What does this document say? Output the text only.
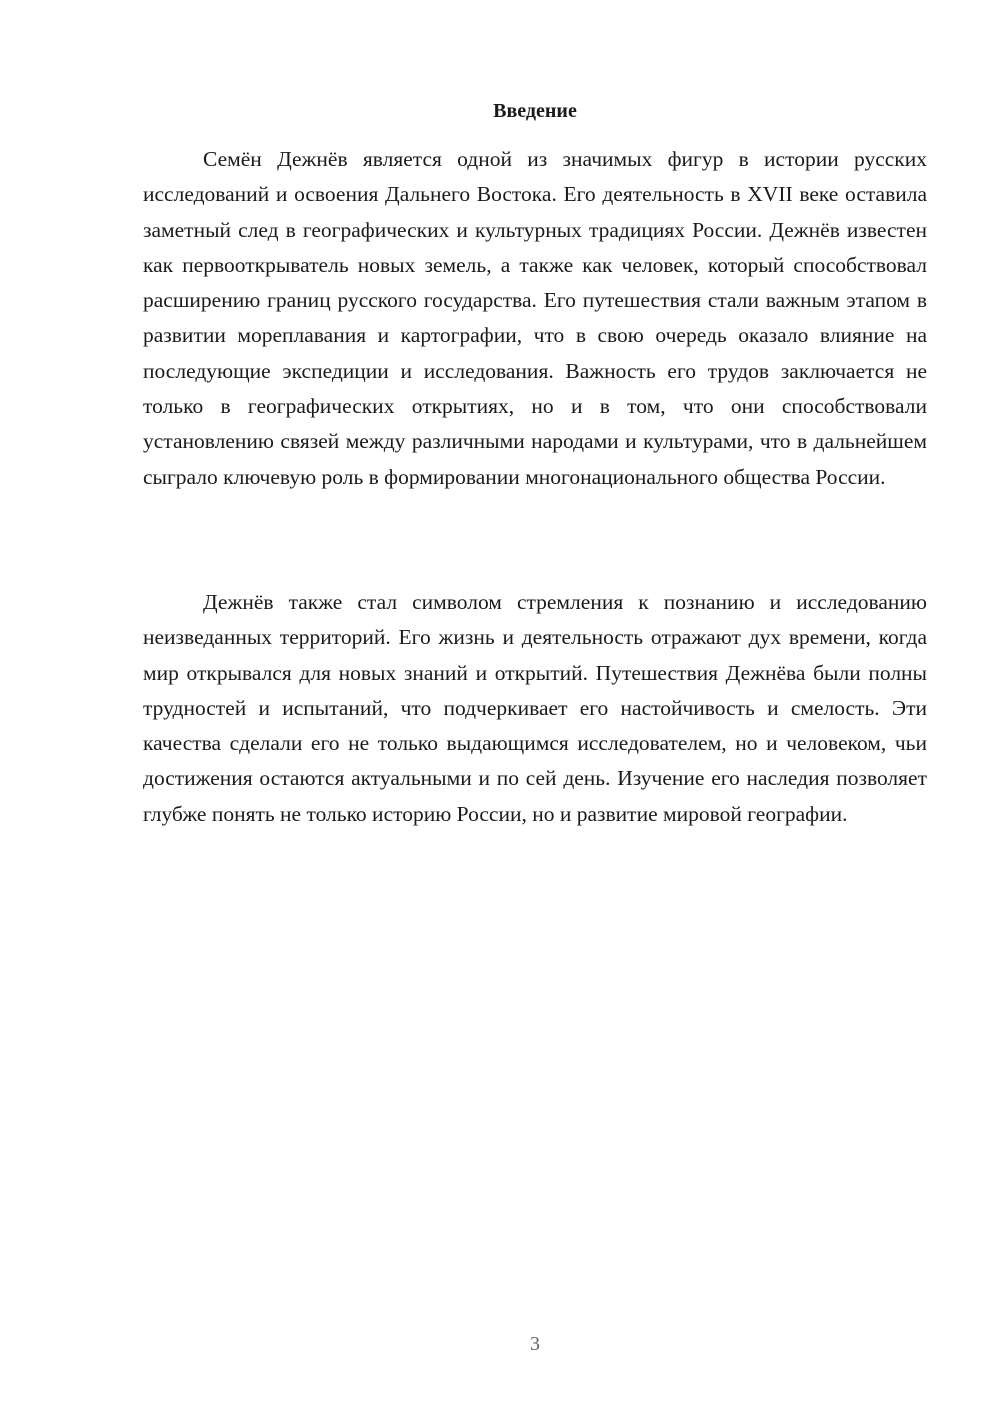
Введение

Семён Дежнёв является одной из значимых фигур в истории русских исследований и освоения Дальнего Востока. Его деятельность в XVII веке оставила заметный след в географических и культурных традициях России. Дежнёв известен как первооткрыватель новых земель, а также как человек, который способствовал расширению границ русского государства. Его путешествия стали важным этапом в развитии мореплавания и картографии, что в свою очередь оказало влияние на последующие экспедиции и исследования. Важность его трудов заключается не только в географических открытиях, но и в том, что они способствовали установлению связей между различными народами и культурами, что в дальнейшем сыграло ключевую роль в формировании многонационального общества России.

Дежнёв также стал символом стремления к познанию и исследованию неизведанных территорий. Его жизнь и деятельность отражают дух времени, когда мир открывался для новых знаний и открытий. Путешествия Дежнёва были полны трудностей и испытаний, что подчеркивает его настойчивость и смелость. Эти качества сделали его не только выдающимся исследователем, но и человеком, чьи достижения остаются актуальными и по сей день. Изучение его наследия позволяет глубже понять не только историю России, но и развитие мировой географии.

3
